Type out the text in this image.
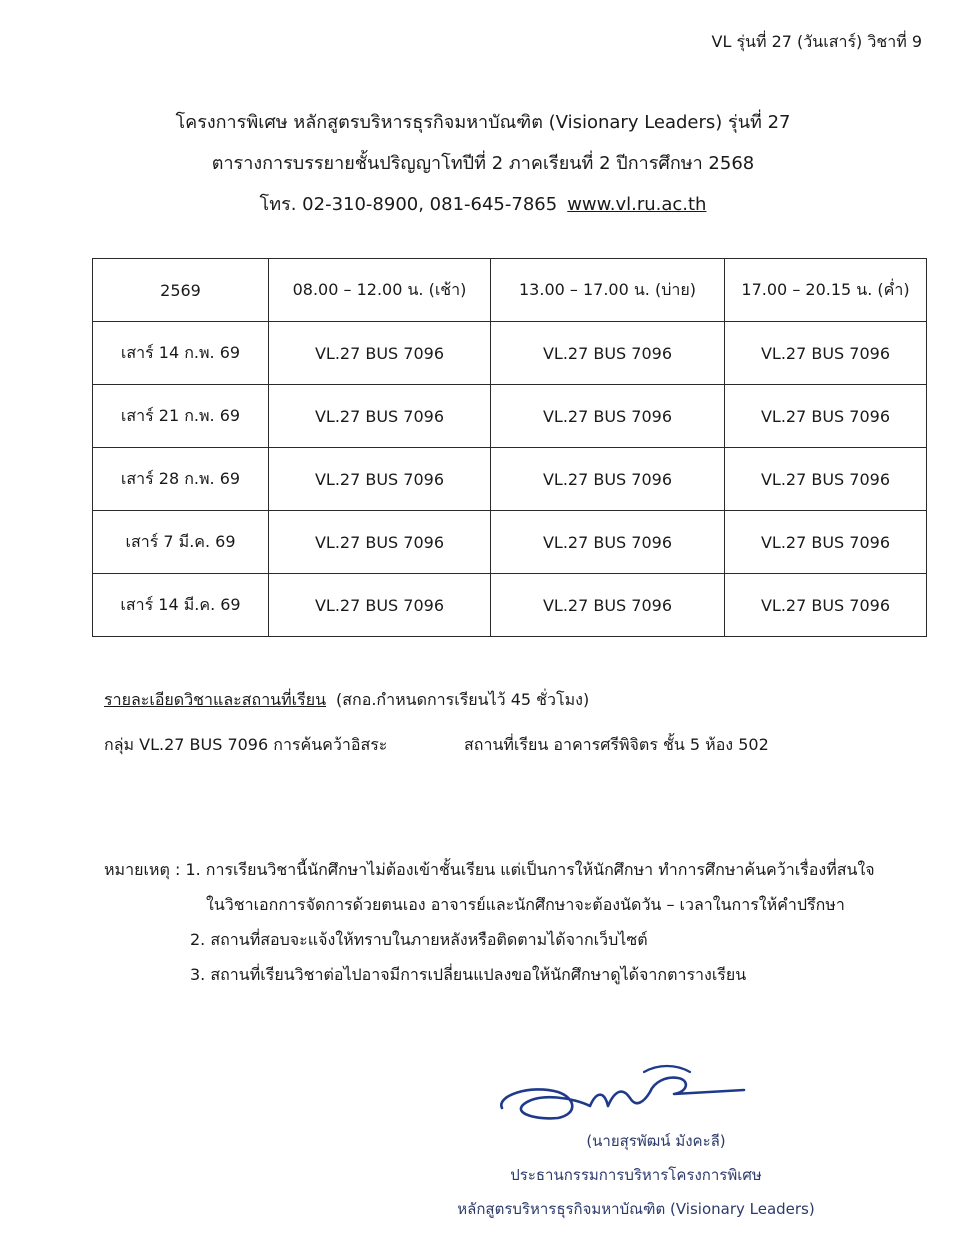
VL รุ่นที่ 27 (วันเสาร์) วิชาที่ 9
โครงการพิเศษ หลักสูตรบริหารธุรกิจมหาบัณฑิต (Visionary Leaders) รุ่นที่ 27
ตารางการบรรยายชั้นปริญญาโทปีที่ 2 ภาคเรียนที่ 2 ปีการศึกษา 2568
โทร. 02-310-8900, 081-645-7865 www.vl.ru.ac.th
2569	08.00 – 12.00 น. (เช้า)	13.00 – 17.00 น. (บ่าย)	17.00 – 20.15 น. (ค่ำ)
เสาร์ 14 ก.พ. 69	VL.27 BUS 7096	VL.27 BUS 7096	VL.27 BUS 7096
เสาร์ 21 ก.พ. 69	VL.27 BUS 7096	VL.27 BUS 7096	VL.27 BUS 7096
เสาร์ 28 ก.พ. 69	VL.27 BUS 7096	VL.27 BUS 7096	VL.27 BUS 7096
เสาร์ 7 มี.ค. 69	VL.27 BUS 7096	VL.27 BUS 7096	VL.27 BUS 7096
เสาร์ 14 มี.ค. 69	VL.27 BUS 7096	VL.27 BUS 7096	VL.27 BUS 7096
รายละเอียดวิชาและสถานที่เรียน (สกอ.กำหนดการเรียนไว้ 45 ชั่วโมง)
กลุ่ม VL.27 BUS 7096 การค้นคว้าอิสระ	สถานที่เรียน อาคารศรีพิจิตร ชั้น 5 ห้อง 502
หมายเหตุ : 1. การเรียนวิชานี้นักศึกษาไม่ต้องเข้าชั้นเรียน แต่เป็นการให้นักศึกษา ทำการศึกษาค้นคว้าเรื่องที่สนใจ
ในวิชาเอกการจัดการด้วยตนเอง อาจารย์และนักศึกษาจะต้องนัดวัน – เวลาในการให้คำปรึกษา
2. สถานที่สอบจะแจ้งให้ทราบในภายหลังหรือติดตามได้จากเว็บไซต์
3. สถานที่เรียนวิชาต่อไปอาจมีการเปลี่ยนแปลงขอให้นักศึกษาดูได้จากตารางเรียน
(นายสุรพัฒน์ มังคะลี)
ประธานกรรมการบริหารโครงการพิเศษ
หลักสูตรบริหารธุรกิจมหาบัณฑิต (Visionary Leaders)
